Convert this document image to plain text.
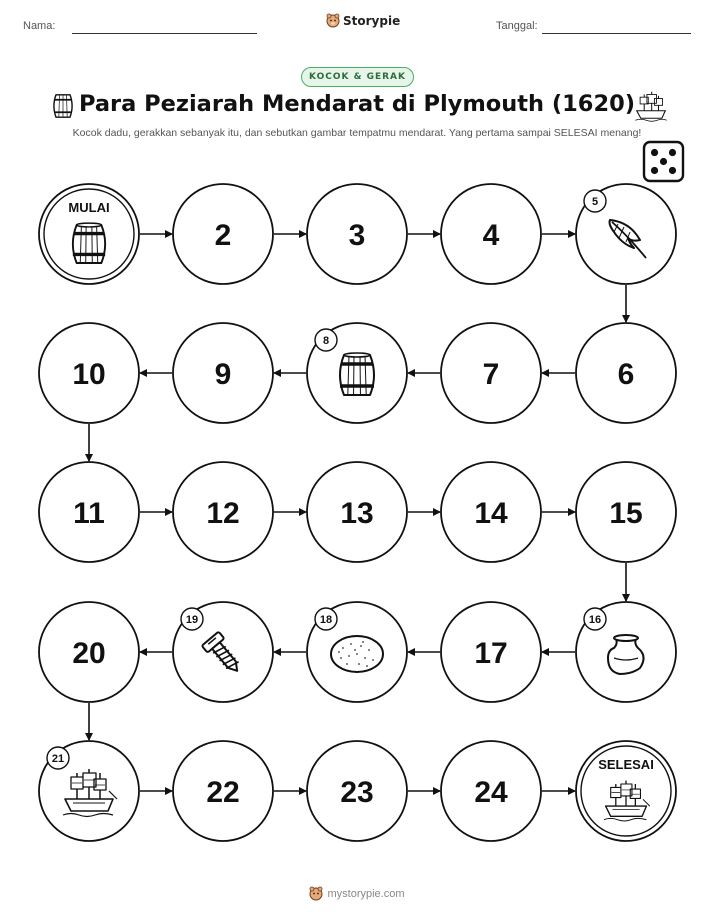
Nama:	Storypie	Tanggal:
KOCOK & GERAK
Para Peziarah Mendarat di Plymouth (1620)
Kocok dadu, gerakkan sebanyak itu, dan sebutkan gambar tempatmu mendarat. Yang pertama sampai SELESAI menang!
MULAI
2	3	4
5
6
7
8
9
10
11	12	13	14	15
16
17
18
19
20
21
22	23	24
SELESAI
mystorypie.com
